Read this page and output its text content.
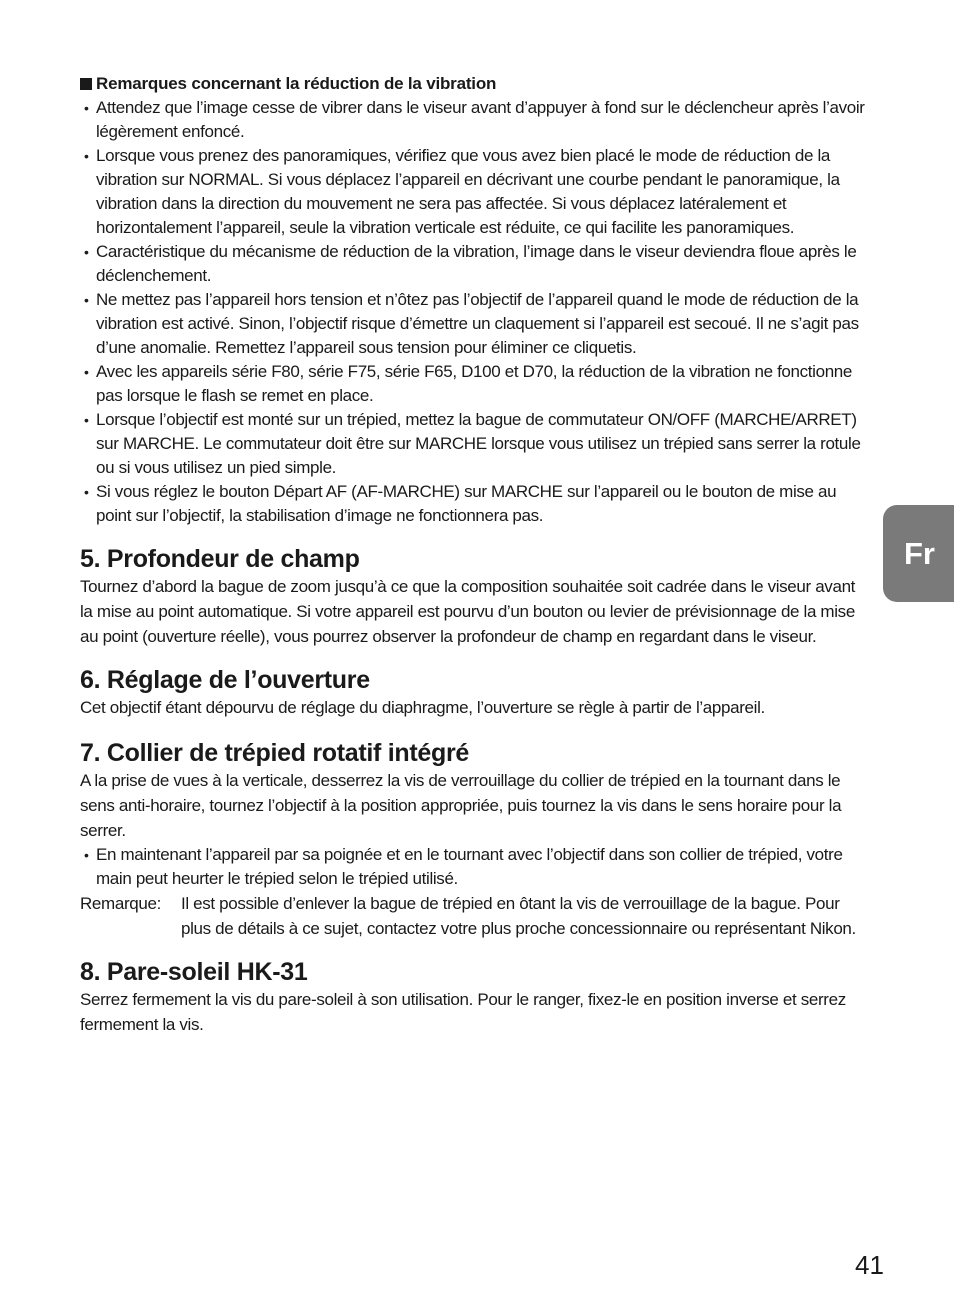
Remarques concernant la réduction de la vibration
• Attendez que l’image cesse de vibrer dans le viseur avant d’appuyer à fond sur le déclencheur après l’avoir légèrement enfoncé.
• Lorsque vous prenez des panoramiques, vérifiez que vous avez bien placé le mode de réduction de la vibration sur NORMAL. Si vous déplacez l’appareil en décrivant une courbe pendant le panoramique, la vibration dans la direction du mouvement ne sera pas affectée. Si vous déplacez latéralement et horizontalement l’appareil, seule la vibration verticale est réduite, ce qui facilite les panoramiques.
• Caractéristique du mécanisme de réduction de la vibration, l’image dans le viseur deviendra floue après le déclenchement.
• Ne mettez pas l’appareil hors tension et n’ôtez pas l’objectif de l’appareil quand le mode de réduction de la vibration est activé. Sinon, l’objectif risque d’émettre un claquement si l’appareil est secoué. Il ne s’agit pas d’une anomalie. Remettez l’appareil sous tension pour éliminer ce cliquetis.
• Avec les appareils série F80, série F75, série F65, D100 et D70, la réduction de la vibration ne fonctionne pas lorsque le flash se remet en place.
• Lorsque l’objectif est monté sur un trépied, mettez la bague de commutateur ON/OFF (MARCHE/ARRET) sur MARCHE. Le commutateur doit être sur MARCHE lorsque vous utilisez un trépied sans serrer la rotule ou si vous utilisez un pied simple.
• Si vous réglez le bouton Départ AF (AF-MARCHE) sur MARCHE sur l’appareil ou le bouton de mise au point sur l’objectif, la stabilisation d’image ne fonctionnera pas.
5. Profondeur de champ

Tournez d’abord la bague de zoom jusqu’à ce que la composition souhaitée soit cadrée dans le viseur avant la mise au point automatique. Si votre appareil est pourvu d’un bouton ou levier de prévisionnage de la mise au point (ouverture réelle), vous pourrez observer la profondeur de champ en regardant dans le viseur.

6. Réglage de l’ouverture

Cet objectif étant dépourvu de réglage du diaphragme, l’ouverture se règle à partir de l’appareil.

7. Collier de trépied rotatif intégré

A la prise de vues à la verticale, desserrez la vis de verrouillage du collier de trépied en la tournant dans le sens anti-horaire, tournez l’objectif à la position appropriée, puis tournez la vis dans le sens horaire pour la serrer.

• En maintenant l’appareil par sa poignée et en le tournant avec l’objectif dans son collier de trépied, votre main peut heurter le trépied selon le trépied utilisé.
Remarque:	Il est possible d’enlever la bague de trépied en ôtant la vis de verrouillage de la bague. Pour plus de détails à ce sujet, contactez votre plus proche concessionnaire ou représentant Nikon.
8. Pare-soleil HK-31

Serrez fermement la vis du pare-soleil à son utilisation. Pour le ranger, fixez-le en position inverse et serrez fermement la vis.

Fr
41
